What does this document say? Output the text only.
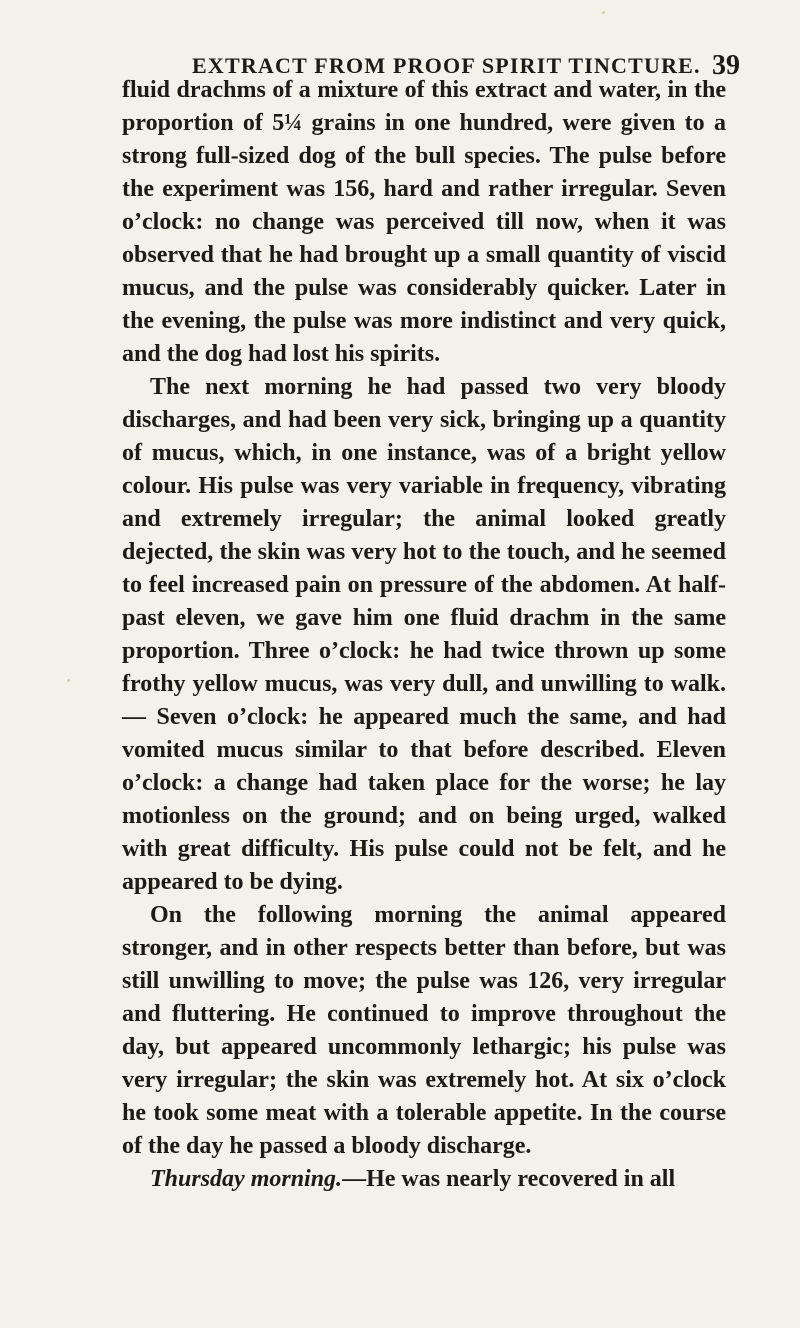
EXTRACT FROM PROOF SPIRIT TINCTURE. 39

fluid drachms of a mixture of this extract and water, in the proportion of 5¼ grains in one hundred, were given to a strong full-sized dog of the bull species. The pulse before the experiment was 156, hard and rather irregular. Seven o’clock: no change was perceived till now, when it was observed that he had brought up a small quantity of viscid mucus, and the pulse was considerably quicker. Later in the evening, the pulse was more indistinct and very quick, and the dog had lost his spirits.

The next morning he had passed two very bloody discharges, and had been very sick, bringing up a quantity of mucus, which, in one instance, was of a bright yellow colour. His pulse was very variable in frequency, vibrating and extremely irregular; the animal looked greatly dejected, the skin was very hot to the touch, and he seemed to feel increased pain on pressure of the abdomen. At half-past eleven, we gave him one fluid drachm in the same proportion. Three o’clock: he had twice thrown up some frothy yellow mucus, was very dull, and unwilling to walk.— Seven o’clock: he appeared much the same, and had vomited mucus similar to that before described. Eleven o’clock: a change had taken place for the worse; he lay motionless on the ground; and on being urged, walked with great difficulty. His pulse could not be felt, and he appeared to be dying.

On the following morning the animal appeared stronger, and in other respects better than before, but was still unwilling to move; the pulse was 126, very irregular and fluttering. He continued to improve throughout the day, but appeared uncommonly lethargic; his pulse was very irregular; the skin was extremely hot. At six o’clock he took some meat with a tolerable appetite. In the course of the day he passed a bloody discharge.

Thursday morning.—He was nearly recovered in all
